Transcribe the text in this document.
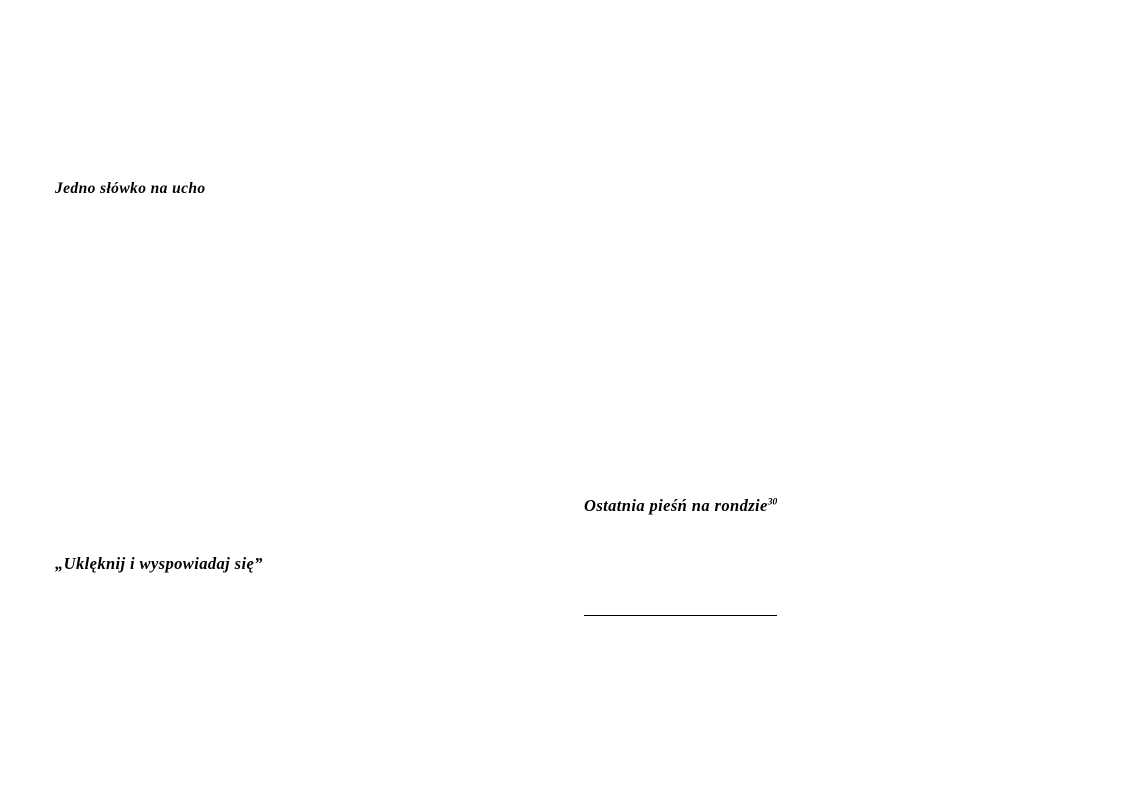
Jedno słówko na ucho
Ostatnia pieśń na rondzie$^{30}$
„Uklęknij i wyspowiadaj się”
